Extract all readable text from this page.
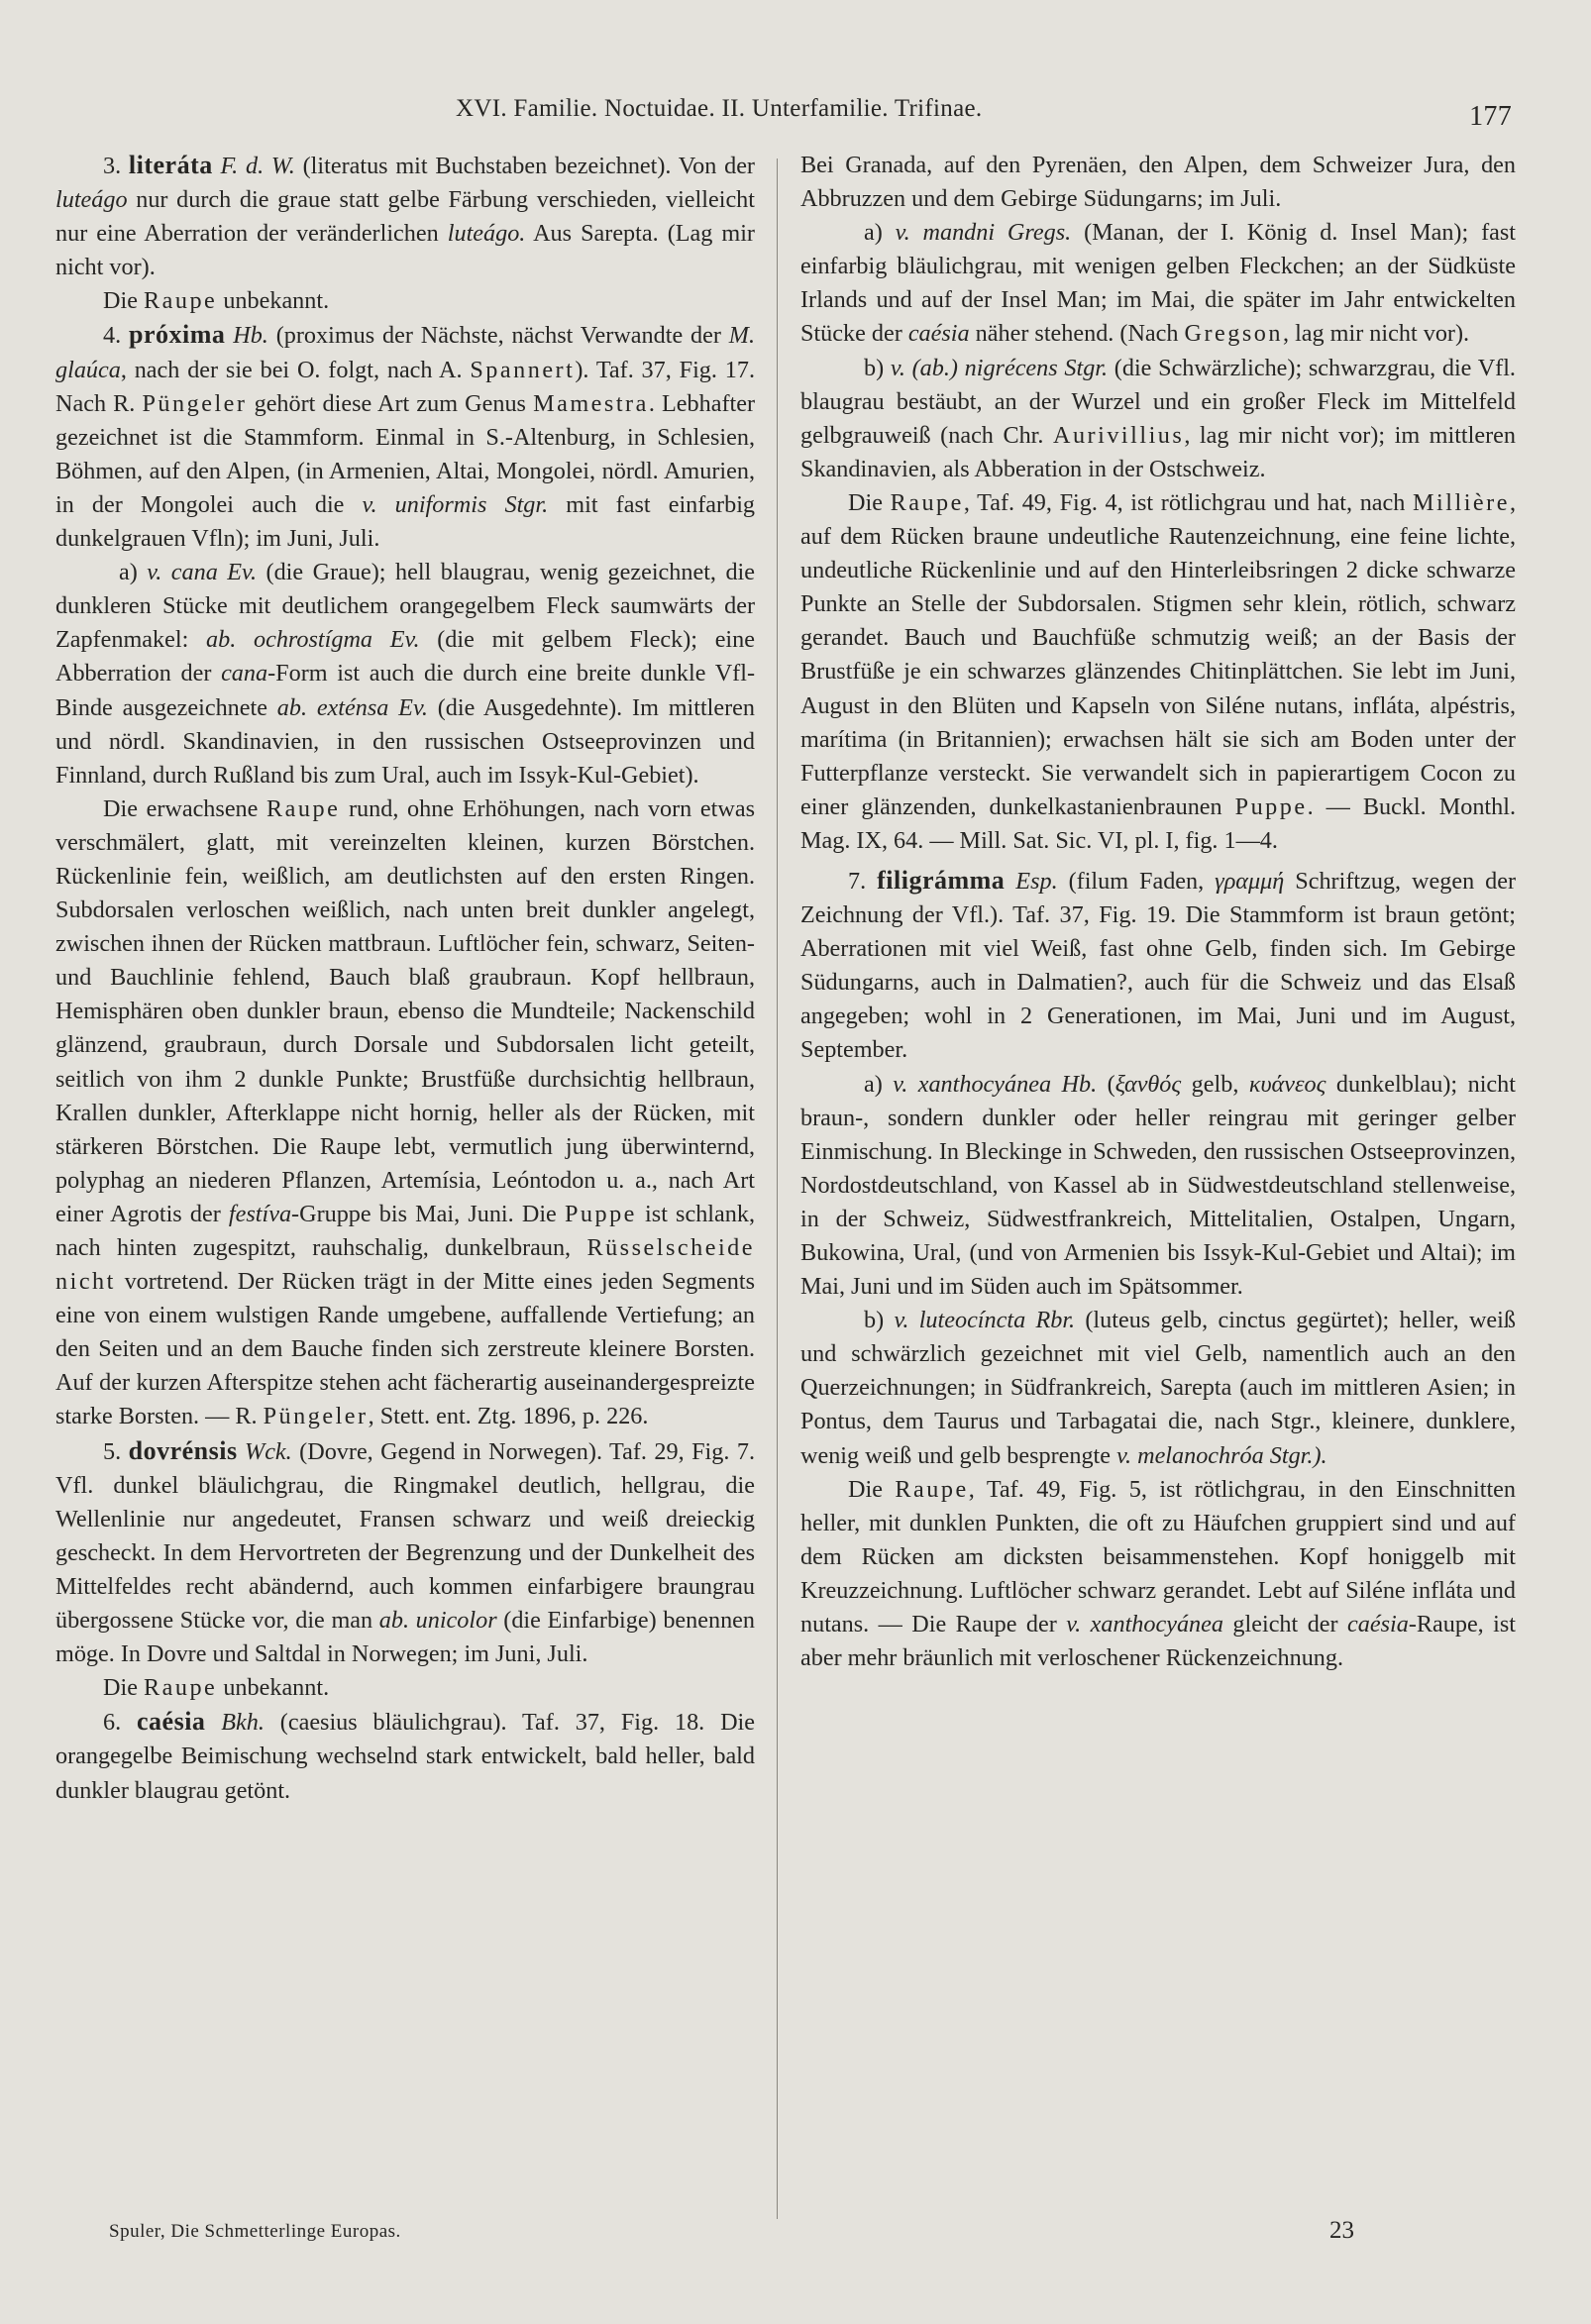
XVI. Familie. Noctuidae. II. Unterfamilie. Trifinae.	177

3. literáta F. d. W. (literatus mit Buchstaben bezeichnet). Von der luteágo nur durch die graue statt gelbe Färbung verschieden, vielleicht nur eine Aberration der veränderlichen luteágo. Aus Sarepta. (Lag mir nicht vor).

Die Raupe unbekannt.

4. próxima Hb. (proximus der Nächste, nächst Verwandte der M. glaúca, nach der sie bei O. folgt, nach A. Spannert). Taf. 37, Fig. 17. Nach R. Püngeler gehört diese Art zum Genus Mamestra. Lebhafter gezeichnet ist die Stammform. Einmal in S.-Altenburg, in Schlesien, Böhmen, auf den Alpen, (in Armenien, Altai, Mongolei, nördl. Amurien, in der Mongolei auch die v. uniformis Stgr. mit fast einfarbig dunkelgrauen Vfln); im Juni, Juli.

a) v. cana Ev. (die Graue); hell blaugrau, wenig gezeichnet, die dunkleren Stücke mit deutlichem orangegelbem Fleck saumwärts der Zapfenmakel: ab. ochrostígma Ev. (die mit gelbem Fleck); eine Abberration der cana-Form ist auch die durch eine breite dunkle Vfl-Binde ausgezeichnete ab. exténsa Ev. (die Ausgedehnte). Im mittleren und nördl. Skandinavien, in den russischen Ostseeprovinzen und Finnland, durch Rußland bis zum Ural, auch im Issyk-Kul-Gebiet).

Die erwachsene Raupe rund, ohne Erhöhungen, nach vorn etwas verschmälert, glatt, mit vereinzelten kleinen, kurzen Börstchen. Rückenlinie fein, weißlich, am deutlichsten auf den ersten Ringen. Subdorsalen verloschen weißlich, nach unten breit dunkler angelegt, zwischen ihnen der Rücken mattbraun. Luftlöcher fein, schwarz, Seiten- und Bauchlinie fehlend, Bauch blaß graubraun. Kopf hellbraun, Hemisphären oben dunkler braun, ebenso die Mundteile; Nackenschild glänzend, graubraun, durch Dorsale und Subdorsalen licht geteilt, seitlich von ihm 2 dunkle Punkte; Brustfüße durchsichtig hellbraun, Krallen dunkler, Afterklappe nicht hornig, heller als der Rücken, mit stärkeren Börstchen. Die Raupe lebt, vermutlich jung überwinternd, polyphag an niederen Pflanzen, Artemísia, Leóntodon u. a., nach Art einer Agrotis der festíva-Gruppe bis Mai, Juni. Die Puppe ist schlank, nach hinten zugespitzt, rauhschalig, dunkelbraun, Rüsselscheide nicht vortretend. Der Rücken trägt in der Mitte eines jeden Segments eine von einem wulstigen Rande umgebene, auffallende Vertiefung; an den Seiten und an dem Bauche finden sich zerstreute kleinere Borsten. Auf der kurzen Afterspitze stehen acht fächerartig auseinandergespreizte starke Borsten. — R. Püngeler, Stett. ent. Ztg. 1896, p. 226.

5. dovrénsis Wck. (Dovre, Gegend in Norwegen). Taf. 29, Fig. 7. Vfl. dunkel bläulichgrau, die Ringmakel deutlich, hellgrau, die Wellenlinie nur angedeutet, Fransen schwarz und weiß dreieckig gescheckt. In dem Hervortreten der Begrenzung und der Dunkelheit des Mittelfeldes recht abändernd, auch kommen einfarbigere braungrau übergossene Stücke vor, die man ab. unicolor (die Einfarbige) benennen möge. In Dovre und Saltdal in Norwegen; im Juni, Juli.

Die Raupe unbekannt.

6. caésia Bkh. (caesius bläulichgrau). Taf. 37, Fig. 18. Die orangegelbe Beimischung wechselnd stark entwickelt, bald heller, bald dunkler blaugrau getönt.

Bei Granada, auf den Pyrenäen, den Alpen, dem Schweizer Jura, den Abbruzzen und dem Gebirge Südungarns; im Juli.

a) v. mandni Gregs. (Manan, der I. König d. Insel Man); fast einfarbig bläulichgrau, mit wenigen gelben Fleckchen; an der Südküste Irlands und auf der Insel Man; im Mai, die später im Jahr entwickelten Stücke der caésia näher stehend. (Nach Gregson, lag mir nicht vor).

b) v. (ab.) nigrécens Stgr. (die Schwärzliche); schwarzgrau, die Vfl. blaugrau bestäubt, an der Wurzel und ein großer Fleck im Mittelfeld gelbgrauweiß (nach Chr. Aurivillius, lag mir nicht vor); im mittleren Skandinavien, als Abberation in der Ostschweiz.

Die Raupe, Taf. 49, Fig. 4, ist rötlichgrau und hat, nach Millière, auf dem Rücken braune undeutliche Rautenzeichnung, eine feine lichte, undeutliche Rückenlinie und auf den Hinterleibsringen 2 dicke schwarze Punkte an Stelle der Subdorsalen. Stigmen sehr klein, rötlich, schwarz gerandet. Bauch und Bauchfüße schmutzig weiß; an der Basis der Brustfüße je ein schwarzes glänzendes Chitinplättchen. Sie lebt im Juni, August in den Blüten und Kapseln von Siléne nutans, infláta, alpéstris, marítima (in Britannien); erwachsen hält sie sich am Boden unter der Futterpflanze versteckt. Sie verwandelt sich in papierartigem Cocon zu einer glänzenden, dunkelkastanienbraunen Puppe. — Buckl. Monthl. Mag. IX, 64. — Mill. Sat. Sic. VI, pl. I, fig. 1—4.

7. filigrámma Esp. (filum Faden, γραμμή Schriftzug, wegen der Zeichnung der Vfl.). Taf. 37, Fig. 19. Die Stammform ist braun getönt; Aberrationen mit viel Weiß, fast ohne Gelb, finden sich. Im Gebirge Südungarns, auch in Dalmatien?, auch für die Schweiz und das Elsaß angegeben; wohl in 2 Generationen, im Mai, Juni und im August, September.

a) v. xanthocyánea Hb. (ξανθός gelb, κυάνεος dunkelblau); nicht braun-, sondern dunkler oder heller reingrau mit geringer gelber Einmischung. In Bleckinge in Schweden, den russischen Ostseeprovinzen, Nordostdeutschland, von Kassel ab in Südwestdeutschland stellenweise, in der Schweiz, Südwestfrankreich, Mittelitalien, Ostalpen, Ungarn, Bukowina, Ural, (und von Armenien bis Issyk-Kul-Gebiet und Altai); im Mai, Juni und im Süden auch im Spätsommer.

b) v. luteocíncta Rbr. (luteus gelb, cinctus gegürtet); heller, weiß und schwärzlich gezeichnet mit viel Gelb, namentlich auch an den Querzeichnungen; in Südfrankreich, Sarepta (auch im mittleren Asien; in Pontus, dem Taurus und Tarbagatai die, nach Stgr., kleinere, dunklere, wenig weiß und gelb besprengte v. melanochróa Stgr.).

Die Raupe, Taf. 49, Fig. 5, ist rötlichgrau, in den Einschnitten heller, mit dunklen Punkten, die oft zu Häufchen gruppiert sind und auf dem Rücken am dicksten beisammenstehen. Kopf honiggelb mit Kreuzzeichnung. Luftlöcher schwarz gerandet. Lebt auf Siléne infláta und nutans. — Die Raupe der v. xanthocyánea gleicht der caésia-Raupe, ist aber mehr bräunlich mit verloschener Rückenzeichnung.

Spuler, Die Schmetterlinge Europas.	23
